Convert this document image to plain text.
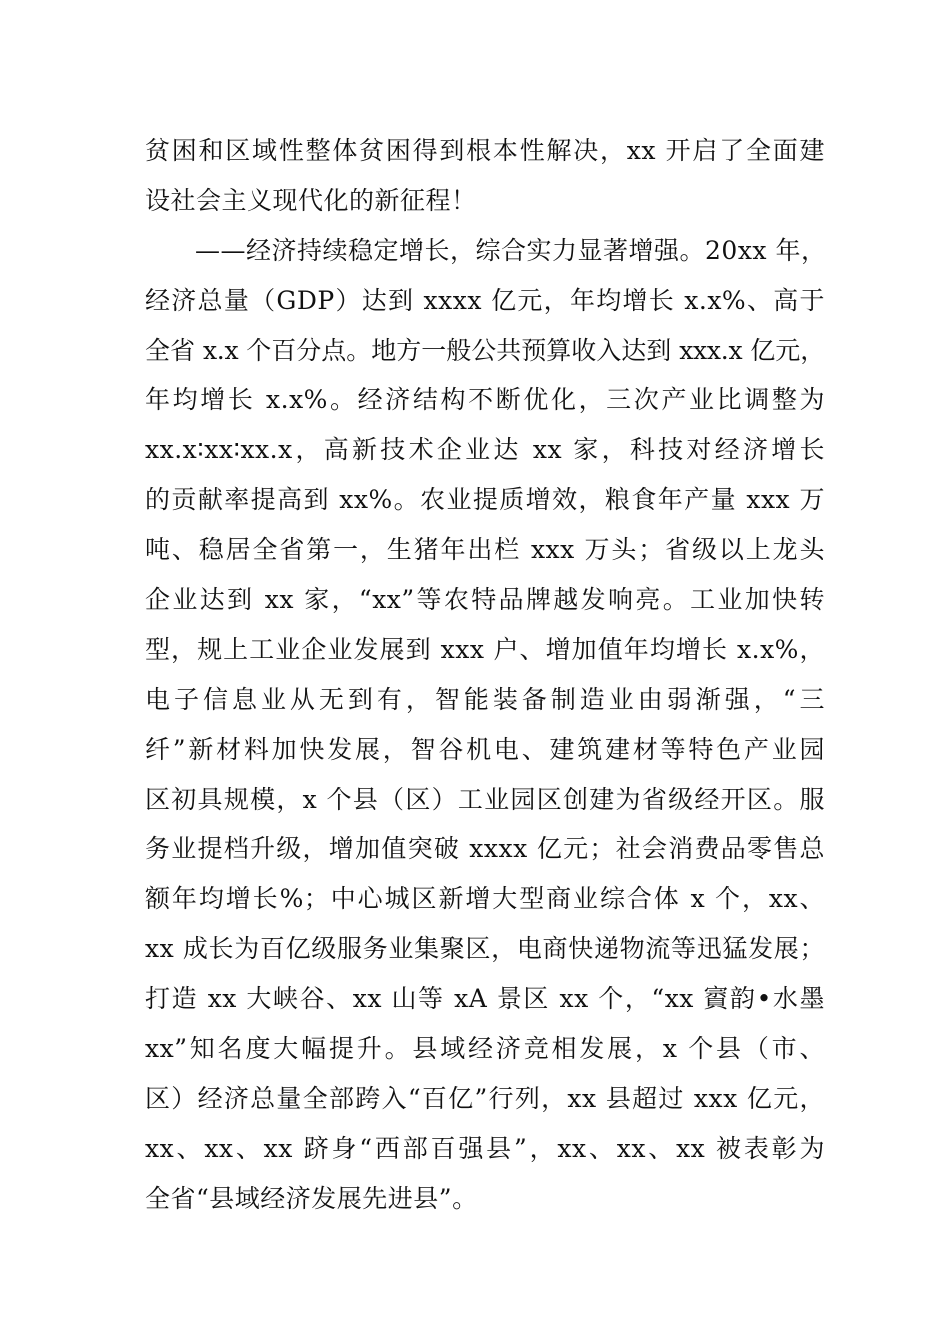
贫困和区域性整体贫困得到根本性解决，xx 开启了全面建
设社会主义现代化的新征程！
——经济持续稳定增长，综合实力显著增强。20xx 年，
经济总量（GDP）达到 xxxx 亿元，年均增长 x.x%、高于
全省 x.x 个百分点。地方一般公共预算收入达到 xxx.x 亿元，
年均增长 x.x%。经济结构不断优化，三次产业比调整为
xx.x∶xx∶xx.x，高新技术企业达 xx 家，科技对经济增长
的贡献率提高到 xx%。农业提质增效，粮食年产量 xxx 万
吨、稳居全省第一，生猪年出栏 xxx 万头；省级以上龙头
企业达到 xx 家，“xx”等农特品牌越发响亮。工业加快转
型，规上工业企业发展到 xxx 户、增加值年均增长 x.x%，
电子信息业从无到有，智能装备制造业由弱渐强，“三
纤”新材料加快发展，智谷机电、建筑建材等特色产业园
区初具规模，x 个县（区）工业园区创建为省级经开区。服
务业提档升级，增加值突破 xxxx 亿元；社会消费品零售总
额年均增长%；中心城区新增大型商业综合体 x 个，xx、
xx 成长为百亿级服务业集聚区，电商快递物流等迅猛发展；
打造 xx 大峡谷、xx 山等 xA 景区 xx 个，“xx 賨韵•水墨
xx”知名度大幅提升。县域经济竞相发展，x 个县（市、
区）经济总量全部跨入“百亿”行列，xx 县超过 xxx 亿元，
xx、xx、xx 跻身“西部百强县”，xx、xx、xx 被表彰为
全省“县域经济发展先进县”。
